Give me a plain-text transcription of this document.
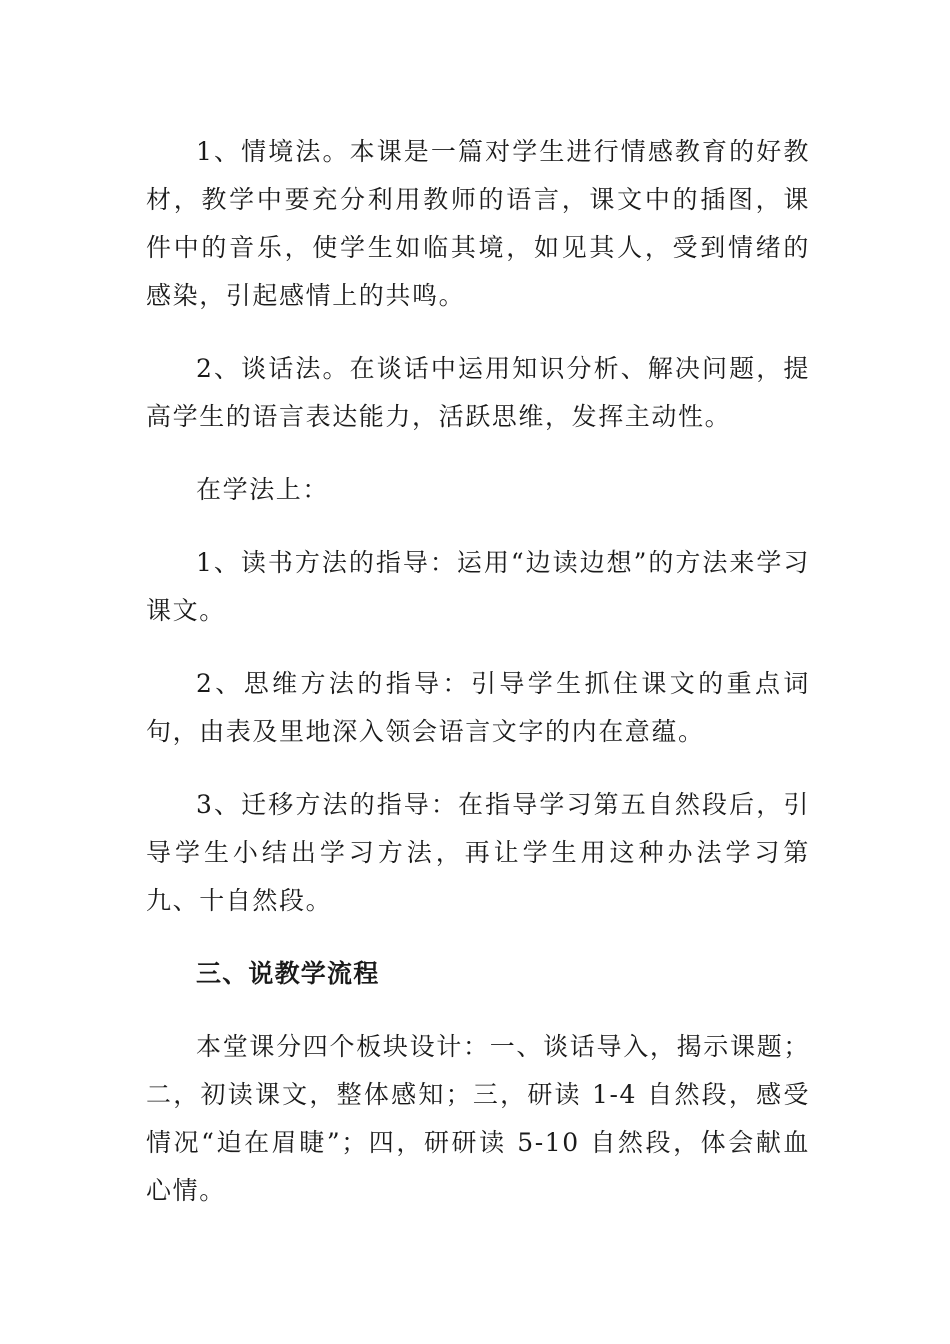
1、情境法。本课是一篇对学生进行情感教育的好教材，教学中要充分利用教师的语言，课文中的插图，课件中的音乐，使学生如临其境，如见其人，受到情绪的感染，引起感情上的共鸣。

2、谈话法。在谈话中运用知识分析、解决问题，提高学生的语言表达能力，活跃思维，发挥主动性。

在学法上：

1、读书方法的指导：运用“边读边想”的方法来学习课文。

2、思维方法的指导：引导学生抓住课文的重点词句，由表及里地深入领会语言文字的内在意蕴。

3、迁移方法的指导：在指导学习第五自然段后，引导学生小结出学习方法，再让学生用这种办法学习第九、十自然段。

三、说教学流程

本堂课分四个板块设计：一、谈话导入，揭示课题；二，初读课文，整体感知；三，研读 1-4 自然段，感受情况“迫在眉睫”；四，研研读 5-10 自然段，体会献血心情。
